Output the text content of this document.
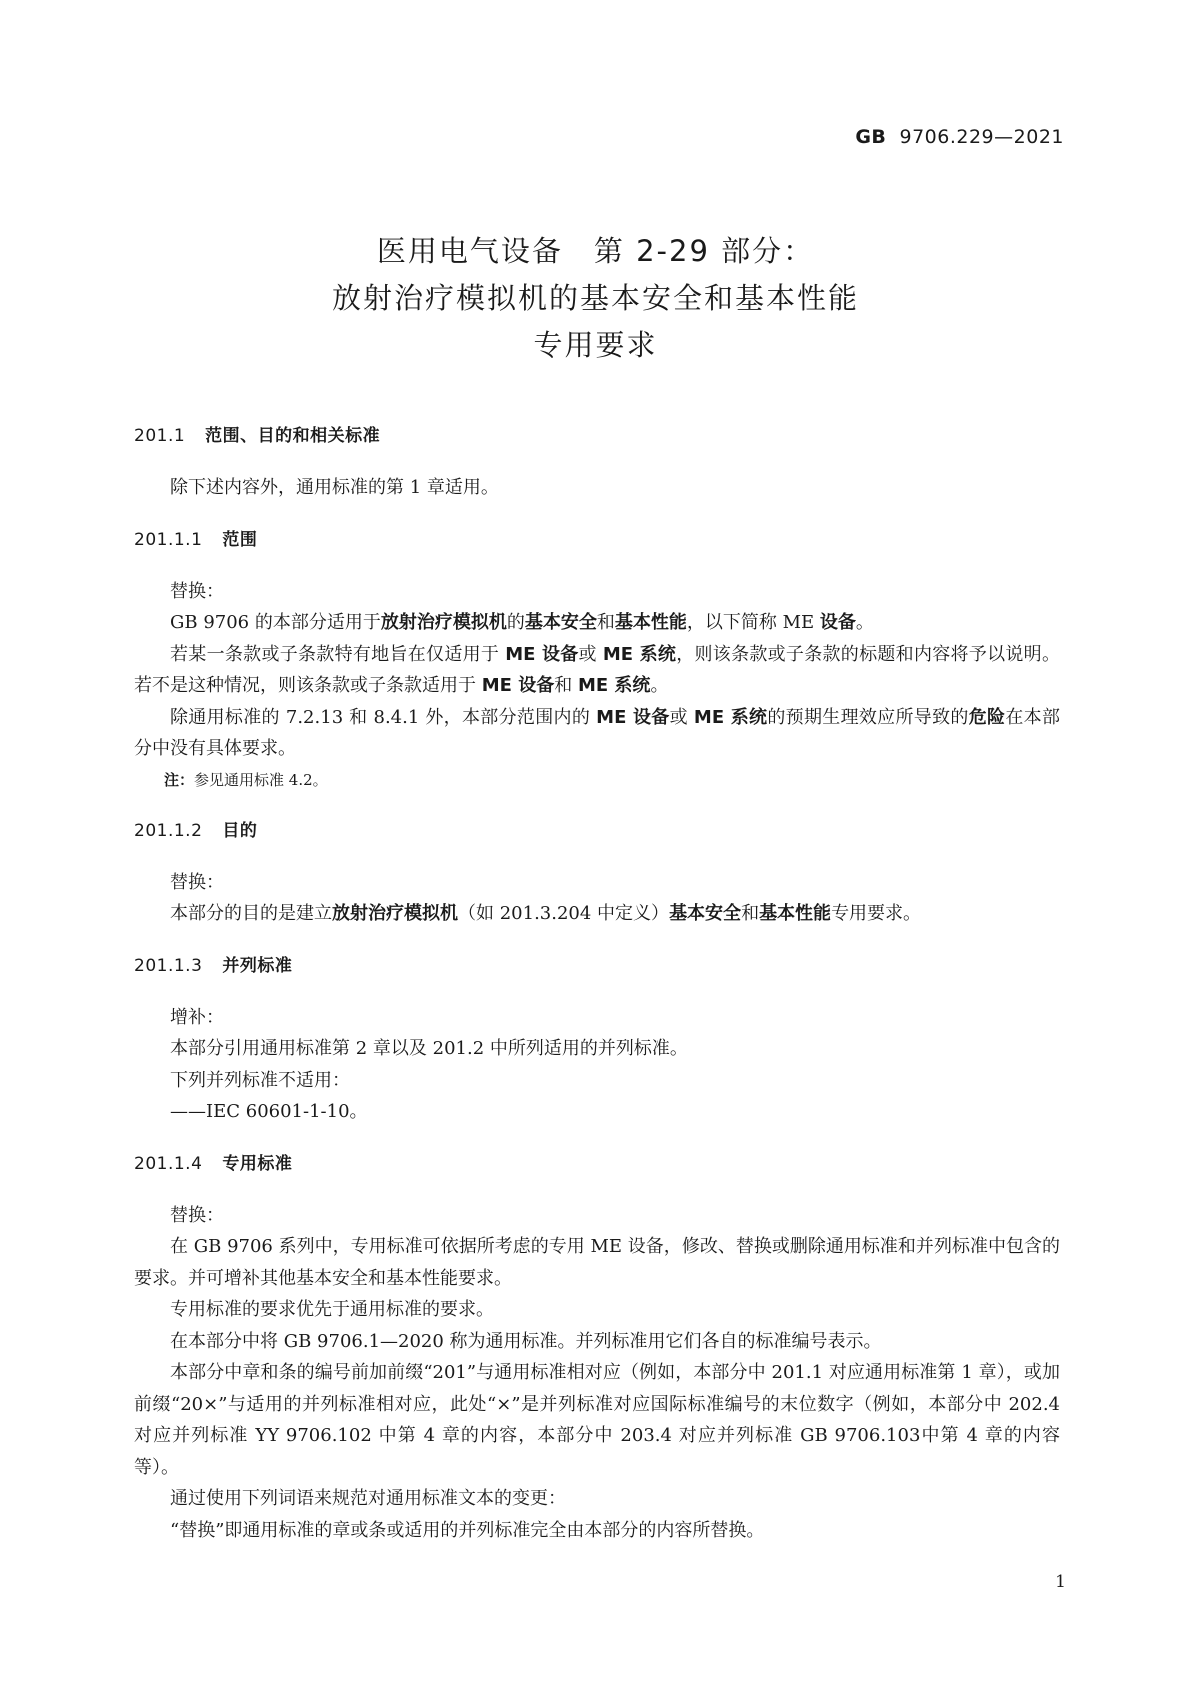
GB 9706.229—2021
医用电气设备　第 2-29 部分：
放射治疗模拟机的基本安全和基本性能
专用要求
201.1 范围、目的和相关标准

除下述内容外，通用标准的第 1 章适用。

201.1.1 范围

替换：

GB 9706 的本部分适用于放射治疗模拟机的基本安全和基本性能，以下简称 ME 设备。

若某一条款或子条款特有地旨在仅适用于 ME 设备或 ME 系统，则该条款或子条款的标题和内容将予以说明。若不是这种情况，则该条款或子条款适用于 ME 设备和 ME 系统。

除通用标准的 7.2.13 和 8.4.1 外，本部分范围内的 ME 设备或 ME 系统的预期生理效应所导致的危险在本部分中没有具体要求。

注：参见通用标准 4.2。

201.1.2 目的

替换：

本部分的目的是建立放射治疗模拟机（如 201.3.204 中定义）基本安全和基本性能专用要求。

201.1.3 并列标准

增补：

本部分引用通用标准第 2 章以及 201.2 中所列适用的并列标准。

下列并列标准不适用：

——IEC 60601-1-10。

201.1.4 专用标准

替换：

在 GB 9706 系列中，专用标准可依据所考虑的专用 ME 设备，修改、替换或删除通用标准和并列标准中包含的要求。并可增补其他基本安全和基本性能要求。

专用标准的要求优先于通用标准的要求。

在本部分中将 GB 9706.1—2020 称为通用标准。并列标准用它们各自的标准编号表示。

本部分中章和条的编号前加前缀“201”与通用标准相对应（例如，本部分中 201.1 对应通用标准第 1 章），或加前缀“20×”与适用的并列标准相对应，此处“×”是并列标准对应国际标准编号的末位数字（例如，本部分中 202.4 对应并列标准 YY 9706.102 中第 4 章的内容，本部分中 203.4 对应并列标准 GB 9706.103中第 4 章的内容等）。

通过使用下列词语来规范对通用标准文本的变更：

“替换”即通用标准的章或条或适用的并列标准完全由本部分的内容所替换。

1
